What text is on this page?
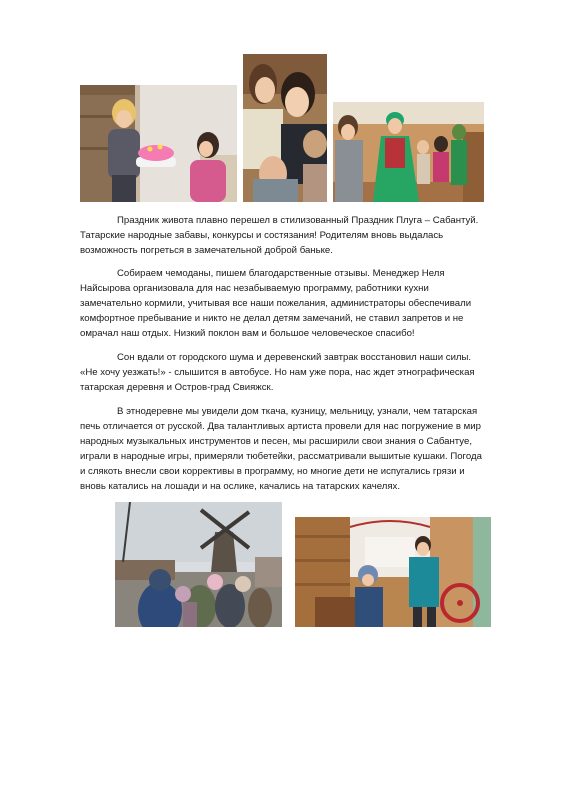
Праздник живота плавно перешел в стилизованный Праздник Плуга – Сабантуй. Татарские народные забавы, конкурсы и состязания! Родителям вновь выдалась возможность погреться в замечательной доброй баньке.

Собираем чемоданы, пишем благодарственные отзывы. Менеджер Неля Найсырова организовала для нас незабываемую программу, работники кухни замечательно кормили, учитывая все наши пожелания, администраторы обеспечивали комфортное пребывание и никто не делал детям замечаний, не ставил запретов и не омрачал наш отдых. Низкий поклон вам и большое человеческое спасибо!

Сон вдали от городского шума и деревенский завтрак восстановил наши силы. «Не хочу уезжать!» - слышится в автобусе. Но нам уже пора, нас ждет этнографическая татарская деревня и Остров-град Свияжск.

В этнодеревне мы увидели дом ткача, кузницу, мельницу, узнали, чем татарская печь отличается от русской. Два талантливых артиста провели для нас погружение в мир народных музыкальных инструментов и песен, мы расширили свои знания о Сабантуе, играли в народные игры, примеряли тюбетейки, рассматривали вышитые кушаки. Погода и слякоть внесли свои коррективы в программу, но многие дети не испугались грязи и вновь катались на лошади и на ослике, качались на татарских качелях.
